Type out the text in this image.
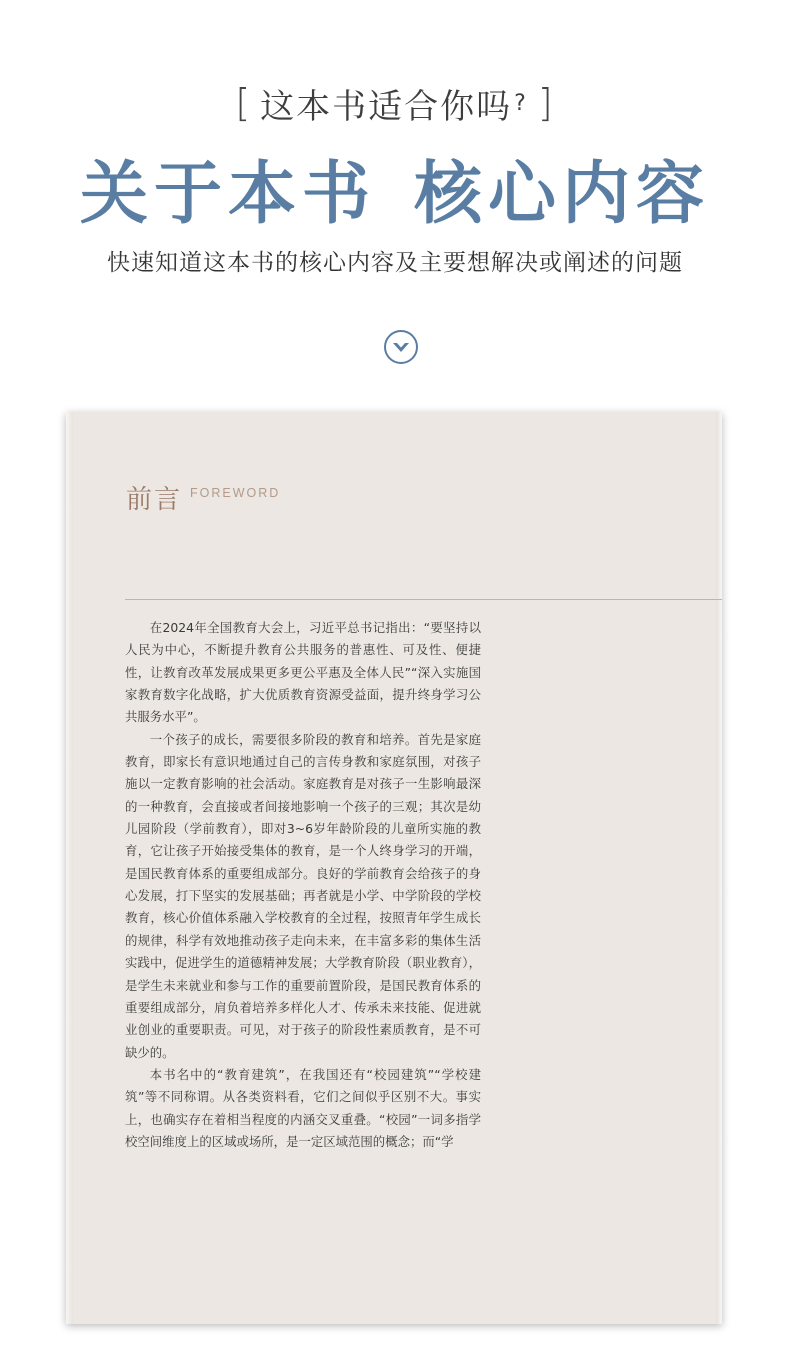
[ 这本书适合你吗 ? ]
关于本书 核心内容
快速知道这本书的核心内容及主要想解决或阐述的问题
前言 FOREWORD

在2024年全国教育大会上，习近平总书记指出：“要坚持以人民为中心，不断提升教育公共服务的普惠性、可及性、便捷性，让教育改革发展成果更多更公平惠及全体人民”“深入实施国家教育数字化战略，扩大优质教育资源受益面，提升终身学习公共服务水平”。

一个孩子的成长，需要很多阶段的教育和培养。首先是家庭教育，即家长有意识地通过自己的言传身教和家庭氛围，对孩子施以一定教育影响的社会活动。家庭教育是对孩子一生影响最深的一种教育，会直接或者间接地影响一个孩子的三观；其次是幼儿园阶段（学前教育），即对3~6岁年龄阶段的儿童所实施的教育，它让孩子开始接受集体的教育，是一个人终身学习的开端，是国民教育体系的重要组成部分。良好的学前教育会给孩子的身心发展，打下坚实的发展基础；再者就是小学、中学阶段的学校教育，核心价值体系融入学校教育的全过程，按照青年学生成长的规律，科学有效地推动孩子走向未来，在丰富多彩的集体生活实践中，促进学生的道德精神发展；大学教育阶段（职业教育），是学生未来就业和参与工作的重要前置阶段，是国民教育体系的重要组成部分，肩负着培养多样化人才、传承未来技能、促进就业创业的重要职责。可见，对于孩子的阶段性素质教育，是不可缺少的。

本书名中的“教育建筑”，在我国还有“校园建筑”“学校建筑”等不同称谓。从各类资料看，它们之间似乎区别不大。事实上，也确实存在着相当程度的内涵交叉重叠。“校园”一词多指学校空间维度上的区域或场所，是一定区域范围的概念；而“学
